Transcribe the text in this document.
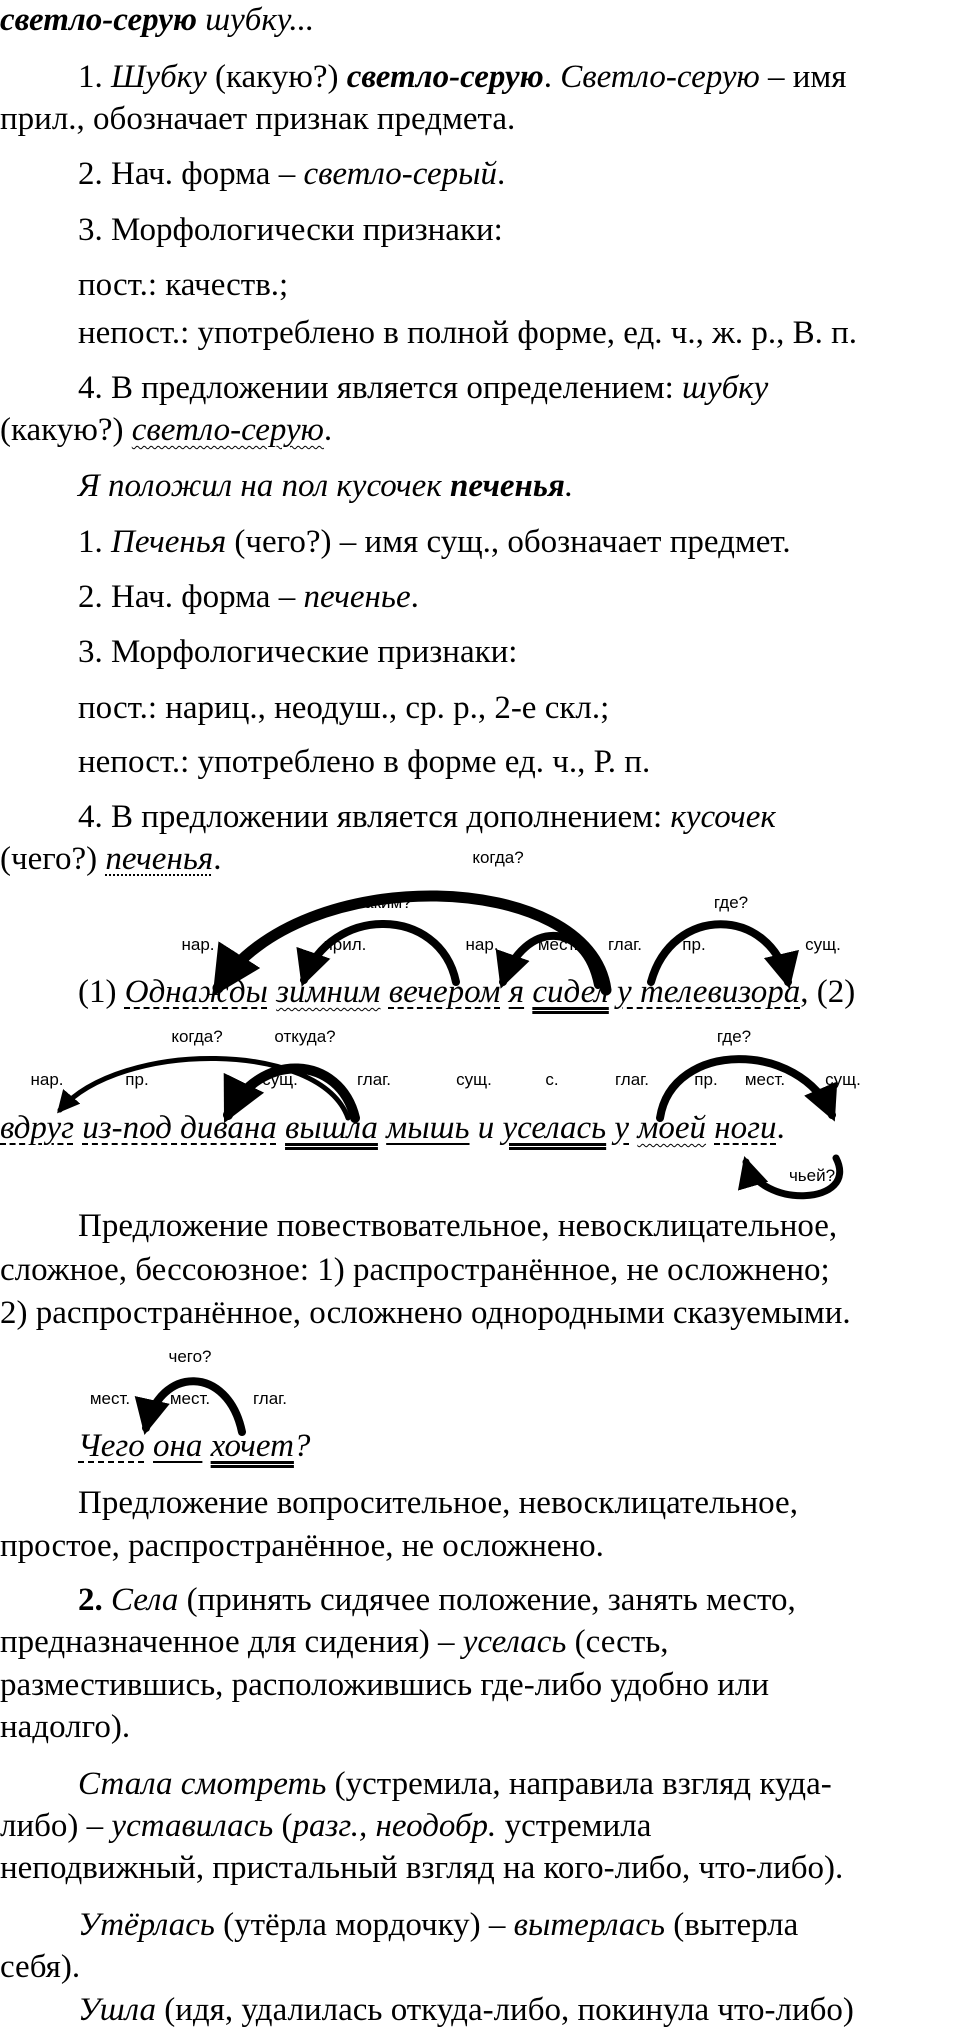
светло-серую шубку...
1. Шубку (какую?) светло-серую. Светло-серую – имя
прил., обозначает признак предмета.
2. Нач. форма – светло-серый.
3. Морфологически признаки:
пост.: качеств.;
непост.: употреблено в полной форме, ед. ч., ж. р., В. п.
4. В предложении является определением: шубку
(какую?) светло-серую.
Я положил на пол кусочек печенья.
1. Печенья (чего?) – имя сущ., обозначает предмет.
2. Нач. форма – печенье.
3. Морфологические признаки:
пост.: нариц., неодуш., ср. р., 2-е скл.;
непост.: употреблено в форме ед. ч., Р. п.
4. В предложении является дополнением: кусочек
(чего?) печенья.	когда?
каким?	где?
нар.	прил.	нар. мест. глаг. пр.	сущ.
(1) Однажды зимним вечером я сидел у телевизора, (2)
когда?	откуда?	где?
нар.	пр.	сущ.	глаг.	сущ.	с.	глаг.	пр. мест. сущ.
вдруг из-под дивана вышла мышь и уселась у моей ноги.
чьей?
Предложение повествовательное, невосклицательное,
сложное, бессоюзное: 1) распространённое, не осложнено;
2) распространённое, осложнено однородными сказуемыми.
чего?
мест. мест.	глаг.
Чего она хочет?
Предложение вопросительное, невосклицательное,
простое, распространённое, не осложнено.
2. Села (принять сидячее положение, занять место,
предназначенное для сидения) – уселась (сесть,
разместившись, расположившись где-либо удобно или
надолго).
Стала смотреть (устремила, направила взгляд куда-
либо) – уставилась (разг., неодобр. устремила
неподвижный, пристальный взгляд на кого-либо, что-либо).
Утёрлась (утёрла мордочку) – вытерлась (вытерла
себя).
Ушла (идя, удалилась откуда-либо, покинула что-либо)
